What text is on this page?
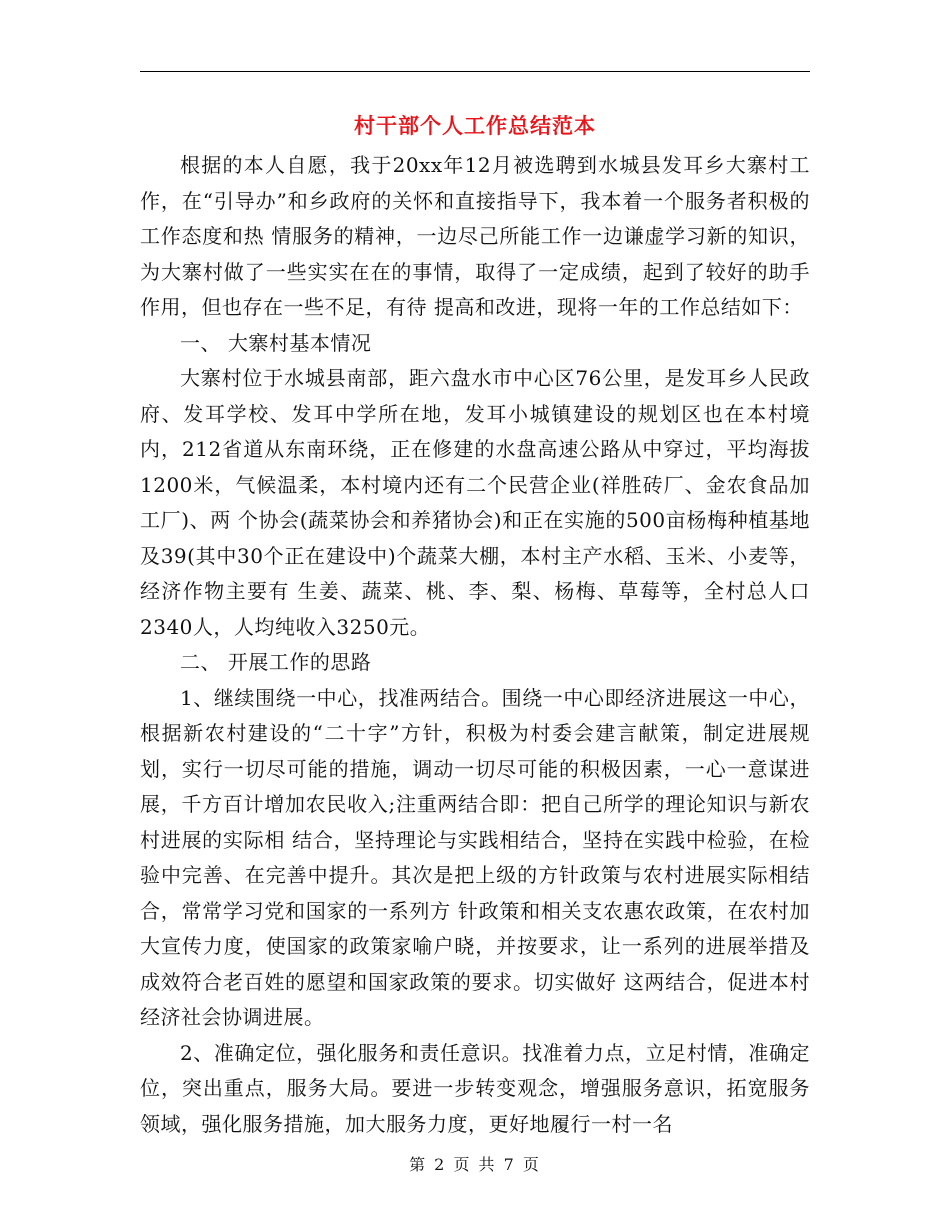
村干部个人工作总结范本

根据的本人自愿，我于20xx年12月被选聘到水城县发耳乡大寨村工作，在“引导办”和乡政府的关怀和直接指导下，我本着一个服务者积极的工作态度和热 情服务的精神，一边尽己所能工作一边谦虚学习新的知识，为大寨村做了一些实实在在的事情，取得了一定成绩，起到了较好的助手作用，但也存在一些不足，有待 提高和改进，现将一年的工作总结如下：

一、 大寨村基本情况

大寨村位于水城县南部，距六盘水市中心区76公里，是发耳乡人民政府、发耳学校、发耳中学所在地，发耳小城镇建设的规划区也在本村境 内，212省道从东南环绕，正在修建的水盘高速公路从中穿过，平均海拔1200米，气候温柔，本村境内还有二个民营企业(祥胜砖厂、金农食品加工厂)、两 个协会(蔬菜协会和养猪协会)和正在实施的500亩杨梅种植基地及39(其中30个正在建设中)个蔬菜大棚，本村主产水稻、玉米、小麦等，经济作物主要有 生姜、蔬菜、桃、李、梨、杨梅、草莓等，全村总人口2340人，人均纯收入3250元。

二、 开展工作的思路

1、继续围绕一中心，找准两结合。围绕一中心即经济进展这一中心，根据新农村建设的“二十字”方针，积极为村委会建言献策，制定进展规 划，实行一切尽可能的措施，调动一切尽可能的积极因素，一心一意谋进展，千方百计增加农民收入;注重两结合即：把自己所学的理论知识与新农村进展的实际相 结合，坚持理论与实践相结合，坚持在实践中检验，在检验中完善、在完善中提升。其次是把上级的方针政策与农村进展实际相结合，常常学习党和国家的一系列方 针政策和相关支农惠农政策，在农村加大宣传力度，使国家的政策家喻户晓，并按要求，让一系列的进展举措及成效符合老百姓的愿望和国家政策的要求。切实做好 这两结合，促进本村经济社会协调进展。

2、准确定位，强化服务和责任意识。找准着力点，立足村情，准确定位，突出重点，服务大局。要进一步转变观念，增强服务意识，拓宽服务 领域，强化服务措施，加大服务力度，更好地履行一村一名

第 2 页 共 7 页
